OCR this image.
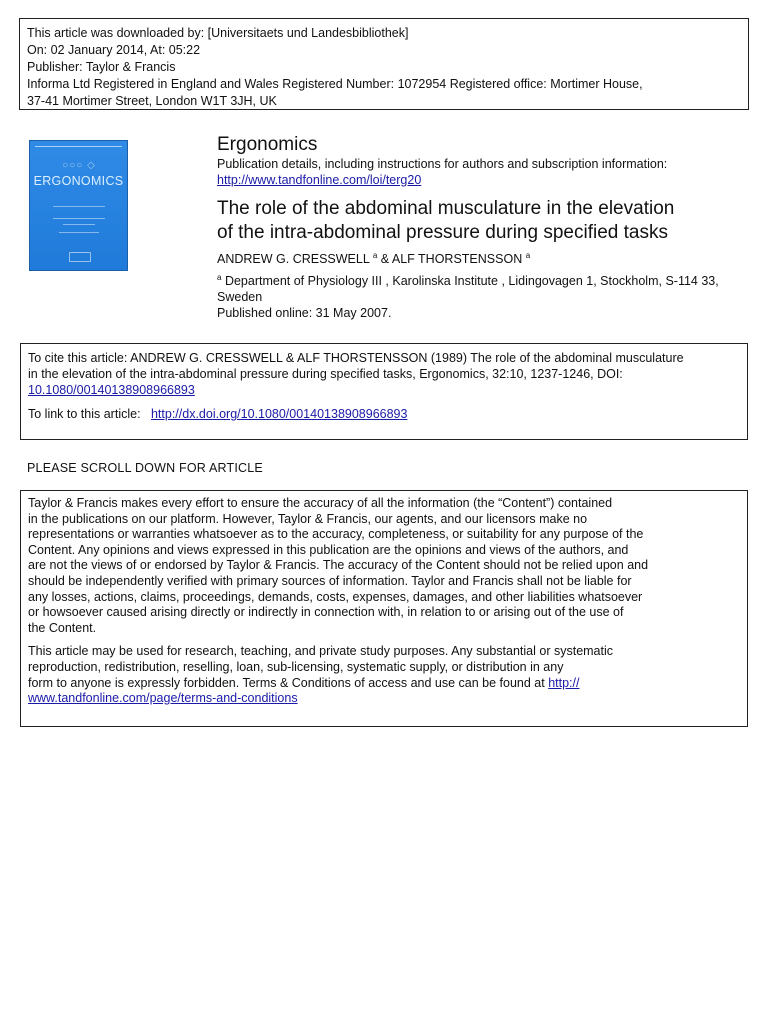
This article was downloaded by: [Universitaets und Landesbibliothek]
On: 02 January 2014, At: 05:22
Publisher: Taylor & Francis
Informa Ltd Registered in England and Wales Registered Number: 1072954 Registered office: Mortimer House,
37-41 Mortimer Street, London W1T 3JH, UK
○○○ ◇
ERGONOMICS
Ergonomics
Publication details, including instructions for authors and subscription information:
http://www.tandfonline.com/loi/terg20
The role of the abdominal musculature in the elevation
of the intra-abdominal pressure during specified tasks
ANDREW G. CRESSWELL $^a$ & ALF THORSTENSSON $^a$
$^a$ Department of Physiology III , Karolinska Institute , Lidingovagen 1, Stockholm, S-114 33,
Sweden
Published online: 31 May 2007.
To cite this article: ANDREW G. CRESSWELL & ALF THORSTENSSON (1989) The role of the abdominal musculature
in the elevation of the intra-abdominal pressure during specified tasks, Ergonomics, 32:10, 1237-1246, DOI:
10.1080/00140138908966893
To link to this article:   http://dx.doi.org/10.1080/00140138908966893
PLEASE SCROLL DOWN FOR ARTICLE

Taylor & Francis makes every effort to ensure the accuracy of all the information (the “Content”) contained
in the publications on our platform. However, Taylor & Francis, our agents, and our licensors make no
representations or warranties whatsoever as to the accuracy, completeness, or suitability for any purpose of the
Content. Any opinions and views expressed in this publication are the opinions and views of the authors, and
are not the views of or endorsed by Taylor & Francis. The accuracy of the Content should not be relied upon and
should be independently verified with primary sources of information. Taylor and Francis shall not be liable for
any losses, actions, claims, proceedings, demands, costs, expenses, damages, and other liabilities whatsoever
or howsoever caused arising directly or indirectly in connection with, in relation to or arising out of the use of
the Content.

This article may be used for research, teaching, and private study purposes. Any substantial or systematic
reproduction, redistribution, reselling, loan, sub-licensing, systematic supply, or distribution in any
form to anyone is expressly forbidden. Terms & Conditions of access and use can be found at http://
www.tandfonline.com/page/terms-and-conditions
